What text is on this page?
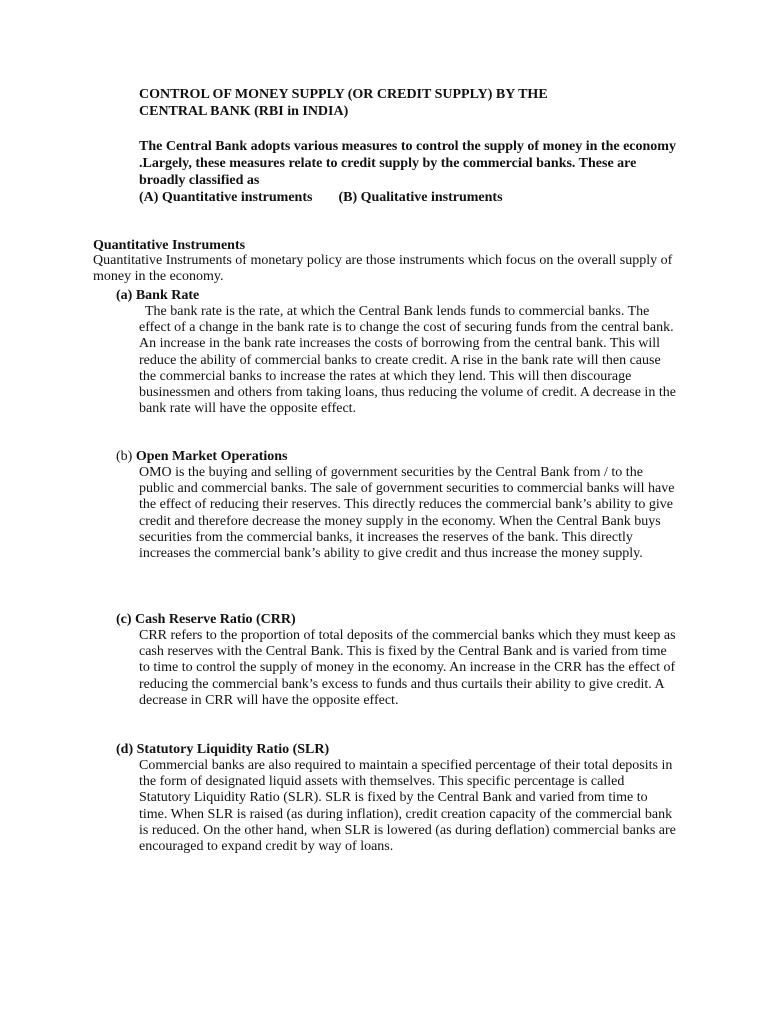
CONTROL OF MONEY SUPPLY (OR CREDIT SUPPLY) BY THE
CENTRAL BANK (RBI in INDIA)
The Central Bank adopts various measures to control the supply of money in the economy .Largely, these measures relate to credit supply by the commercial banks. These are broadly classified as
(A) Quantitative instruments (B) Qualitative instruments
Quantitative Instruments
Quantitative Instruments of monetary policy are those instruments which focus on the overall supply of money in the economy.
(a) Bank Rate
The bank rate is the rate, at which the Central Bank lends funds to commercial banks. The effect of a change in the bank rate is to change the cost of securing funds from the central bank. An increase in the bank rate increases the costs of borrowing from the central bank. This will reduce the ability of commercial banks to create credit. A rise in the bank rate will then cause the commercial banks to increase the rates at which they lend. This will then discourage businessmen and others from taking loans, thus reducing the volume of credit. A decrease in the bank rate will have the opposite effect.
(b) Open Market Operations
OMO is the buying and selling of government securities by the Central Bank from / to the public and commercial banks. The sale of government securities to commercial banks will have the effect of reducing their reserves. This directly reduces the commercial bank’s ability to give credit and therefore decrease the money supply in the economy. When the Central Bank buys securities from the commercial banks, it increases the reserves of the bank. This directly increases the commercial bank’s ability to give credit and thus increase the money supply.
(c) Cash Reserve Ratio (CRR)
CRR refers to the proportion of total deposits of the commercial banks which they must keep as cash reserves with the Central Bank. This is fixed by the Central Bank and is varied from time to time to control the supply of money in the economy. An increase in the CRR has the effect of reducing the commercial bank’s excess to funds and thus curtails their ability to give credit. A decrease in CRR will have the opposite effect.
(d) Statutory Liquidity Ratio (SLR)
Commercial banks are also required to maintain a specified percentage of their total deposits in the form of designated liquid assets with themselves. This specific percentage is called Statutory Liquidity Ratio (SLR). SLR is fixed by the Central Bank and varied from time to time. When SLR is raised (as during inflation), credit creation capacity of the commercial bank is reduced. On the other hand, when SLR is lowered (as during deflation) commercial banks are encouraged to expand credit by way of loans.
